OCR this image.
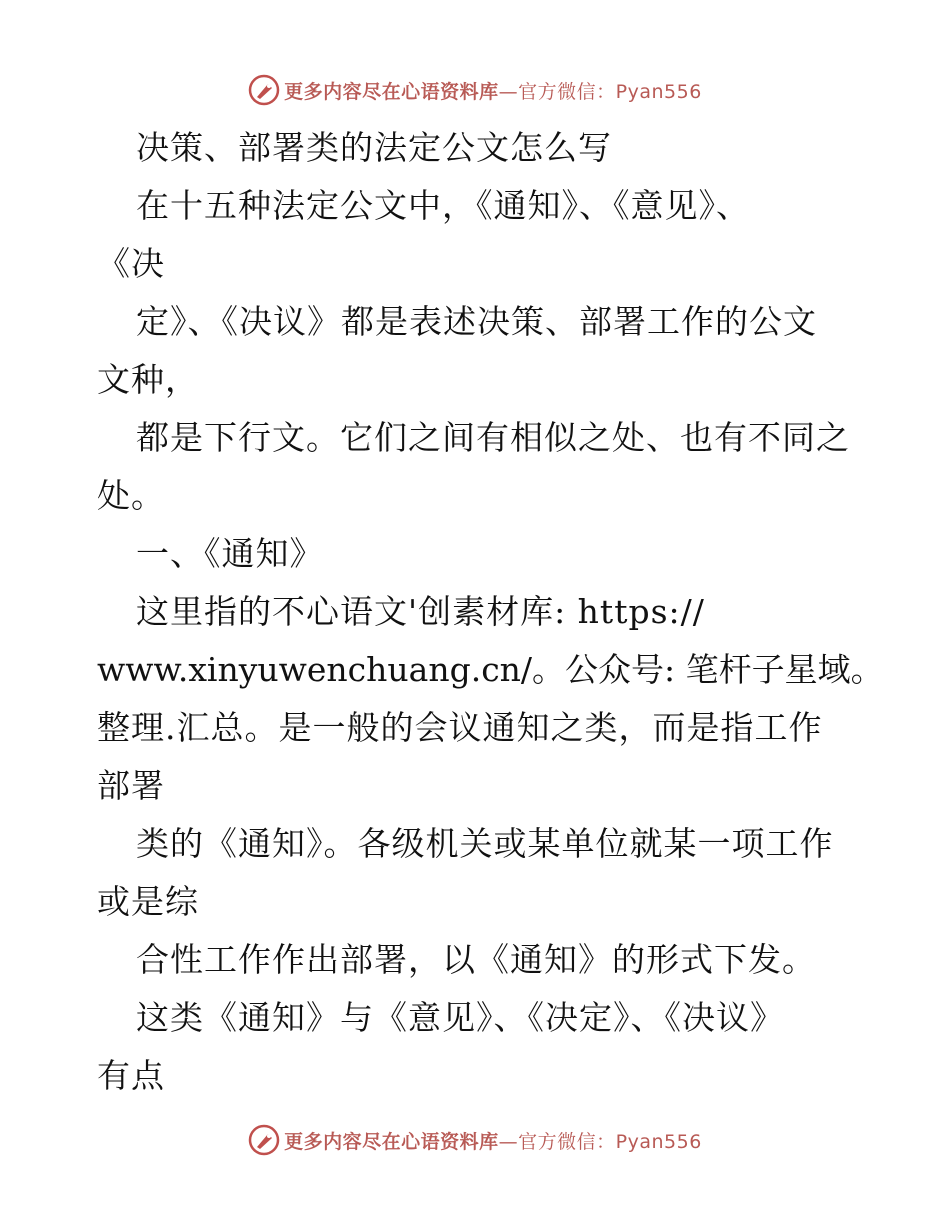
更多内容尽在心语资料库—官方微信：Pyan556
决策、部署类的法定公文怎么写
在十五种法定公文中，《通知》、《意见》、
《决
定》、《决议》都是表述决策、部署工作的公文
文种，
都是下行文。它们之间有相似之处、也有不同之
处。
一、《通知》
这里指的不心语文'创素材库: https://
www.xinyuwenchuang.cn/。公众号: 笔杆子星域。
整理.汇总。是一般的会议通知之类，而是指工作
部署
类的《通知》。各级机关或某单位就某一项工作
或是综
合性工作作出部署，以《通知》的形式下发。
这类《通知》与《意见》、《决定》、《决议》
有点
更多内容尽在心语资料库—官方微信：Pyan556
